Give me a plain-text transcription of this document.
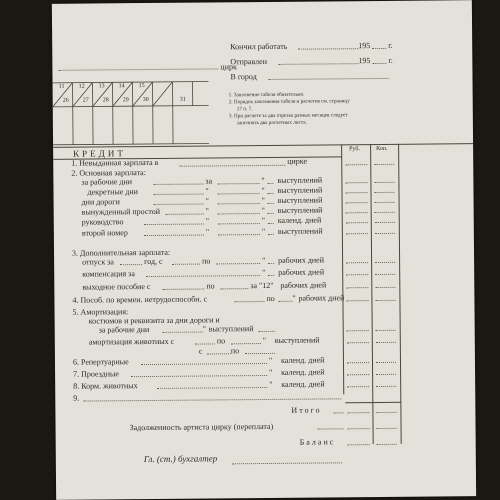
цирк
Кончил работать	195 г.
Отправлен	195 г.
В город
11	12	13	14	15
26	27	28	29	30	31
1. Заполнение табеля обязательно.
2. Порядок заполнения табеля и расчетов см. страницу
17 п. 7.
3. При расчете за два отрезка разных месяцев следует
заполнять два расчетных листа.
Руб.	Коп.
КРЕДИТ
1. Невыданная зарплата в	цирке
2. Основная зарплата:
за рабочие дни	за	" выступлений
декретные дни	"	" выступлений
дни дороги	"	" выступлений
вынужденный простой	"	" выступлений
руководство	"	" календ. дней
второй номер	"	" выступлений
3. Дополнительная зарплата:
отпуск за	год, с	по	" рабочих дней
компенсация за	" рабочих дней
выходное пособие с	по	за "12" рабочих дней
4. Пособ. по времен. нетрудоспособн. с	по " рабочих дней
5. Амортизация:
костюмов и реквизита за дни дороги и
за рабочие дни	" выступлений
амортизация животных с	по	" выступлений
с	по
6. Репертуарные	" календ. дней
7. Проездные	" календ. дней
8. Корм. животных	" календ. дней
9.
Итого
Задолженность артиста цирку (переплата)
Баланс
Гл. (ст.) бухгалтер
